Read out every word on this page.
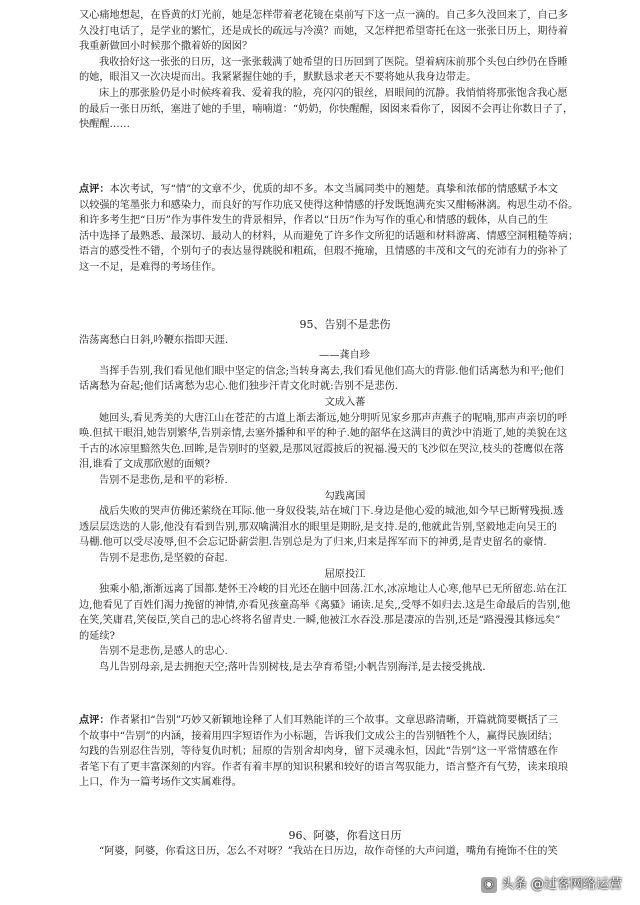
又心痛地想起，在昏黄的灯光前，她是怎样带着老花镜在桌前写下这一点一滴的。自己多久没回来了，自己多
久没打电话了，是学业的繁忙，还是成长的疏远与冷漠？而她，又怎样把希望寄托在这一张张日历上，期待着
我重新做回小时候那个撒着娇的囡囡？
我收拾好这一张张的日历，这一张张载满了她希望的日历回到了医院。望着病床前那个头包白纱仍在昏睡
的她，眼泪又一次决堤而出。我紧紧握住她的手，默默恳求老天不要将她从我身边带走。
床上的那张脸仍是小时候疼着我、爱着我的脸，亮闪闪的银丝，眉眼间的沉静。我悄悄将那张饱含我心愿
的最后一张日历纸，塞进了她的手里，喃喃道：“奶奶，你快醒醒，囡囡来看你了，囡囡不会再让你数日子了，
快醒醒……
点评：本次考试，写“情”的文章不少，优质的却不多。本文当属同类中的翘楚。真挚和浓郁的情感赋予本文
以较强的笔墨张力和感染力，而良好的写作功底又使得这种情感的抒发既饱满充实又酣畅淋漓。构思生动不俗。
和许多考生把“日历”作为事件发生的背景相异，作者以“日历”作为写作的重心和情感的载体，从自己的生
活中选择了最熟悉、最深切、最动人的材料，从而避免了许多作文所犯的话题和材料游离、情感空洞粗糙等病；
语言的感受性不错，个别句子的表达显得跳脱和粗疏，但瑕不掩瑜，且情感的丰茂和文气的充沛有力的弥补了
这一不足，是难得的考场佳作。
95、告别不是悲伤
浩荡离愁白日斜,吟鞭东指即天涯.
——龚自珍
当挥手告别,我们看见他们眼中坚定的信念;当转身离去,我们看见他们高大的背影.他们话离愁为和平;他们
话离愁为奋起;他们话离愁为忠心.他们独步汗青文化时就:告别不是悲伤.
文成入蕃
她回头,看见秀美的大唐江山在苍茫的古道上渐去渐远,她分明听见家乡那声声燕子的呢喃,那声声亲切的呼
唤.但拭干眼泪,她告别繁华,告别亲情,去塞外播种和平的种子.她的韶华在这满目的黄沙中消逝了,她的美貌在这
千古的冰凉里黯然失色.回眸,是告别时的坚毅,是那凤冠霞披后的祝福.漫天的飞沙似在哭泣,枝头的苍鹰似在落
泪,谁看了文成那欣慰的面颊?
告别不是悲伤,是和平的彩桥.
勾践离国
战后失败的哭声仿佛还萦绕在耳际.他一身奴役装,站在城门下.身边是他心爱的城池,如今早已断臂残损.透
透层层迭迭的人影,他没有看到告别,那双噙满泪水的眼里是期盼,是支持.是的,他就此告别,坚毅地走向吴王的
马棚.他可以受尽凌辱,但不会忘记卧薪尝胆.告别总是为了归来,归来是挥军而下的神勇,是青史留名的豪情.
告别不是悲伤,是坚毅的奋起.
屈原投江
独乘小船,渐渐远离了国都.楚怀王冷峻的目光还在脑中回荡.江水,冰凉地让人心寒,他早已无所留恋.站在江
边,他看见了百姓们渴力挽留的神情,亦看见孩童高举《离骚》诵读.足矣,,受辱不如归去.这是生命最后的告别,他
在笑,笑庸君,笑佞臣,笑自己的忠心终将名留青史.一瞬,他被江水吞没.那是凄凉的告别,还是“路漫漫其修远矣”
的延续?
告别不是悲伤,是感人的忠心.
鸟儿告别母亲,是去拥抱天空;落叶告别树枝,是去孕育希望;小帆告别海洋,是去接受挑战.
点评：作者紧扣“告别”巧妙又新颖地诠释了人们耳熟能详的三个故事。文章思路清晰，开篇就简要概括了三
个故事中“告别”的内涵，接着用四字短语作为小标题，告诉我们文成公主的告别牺牲个人，赢得民族团结；
勾践的告别忍住告别，等待复仇时机；屈原的告别舍却肉身，留下灵魂永恒，因此“告别”这一平常情感在作
者笔下有了更丰富深刻的内容。作者有着丰厚的知识积累和较好的语言驾驭能力，语言整齐有气势，读来琅琅
上口，作为一篇考场作文实属难得。
96、阿婆，你看这日历
“阿婆，阿婆，你看这日历，怎么不对呀？”我站在日历边，故作奇怪的大声问道，嘴角有掩饰不住的笑
◉ 头条 @过客网络运营
